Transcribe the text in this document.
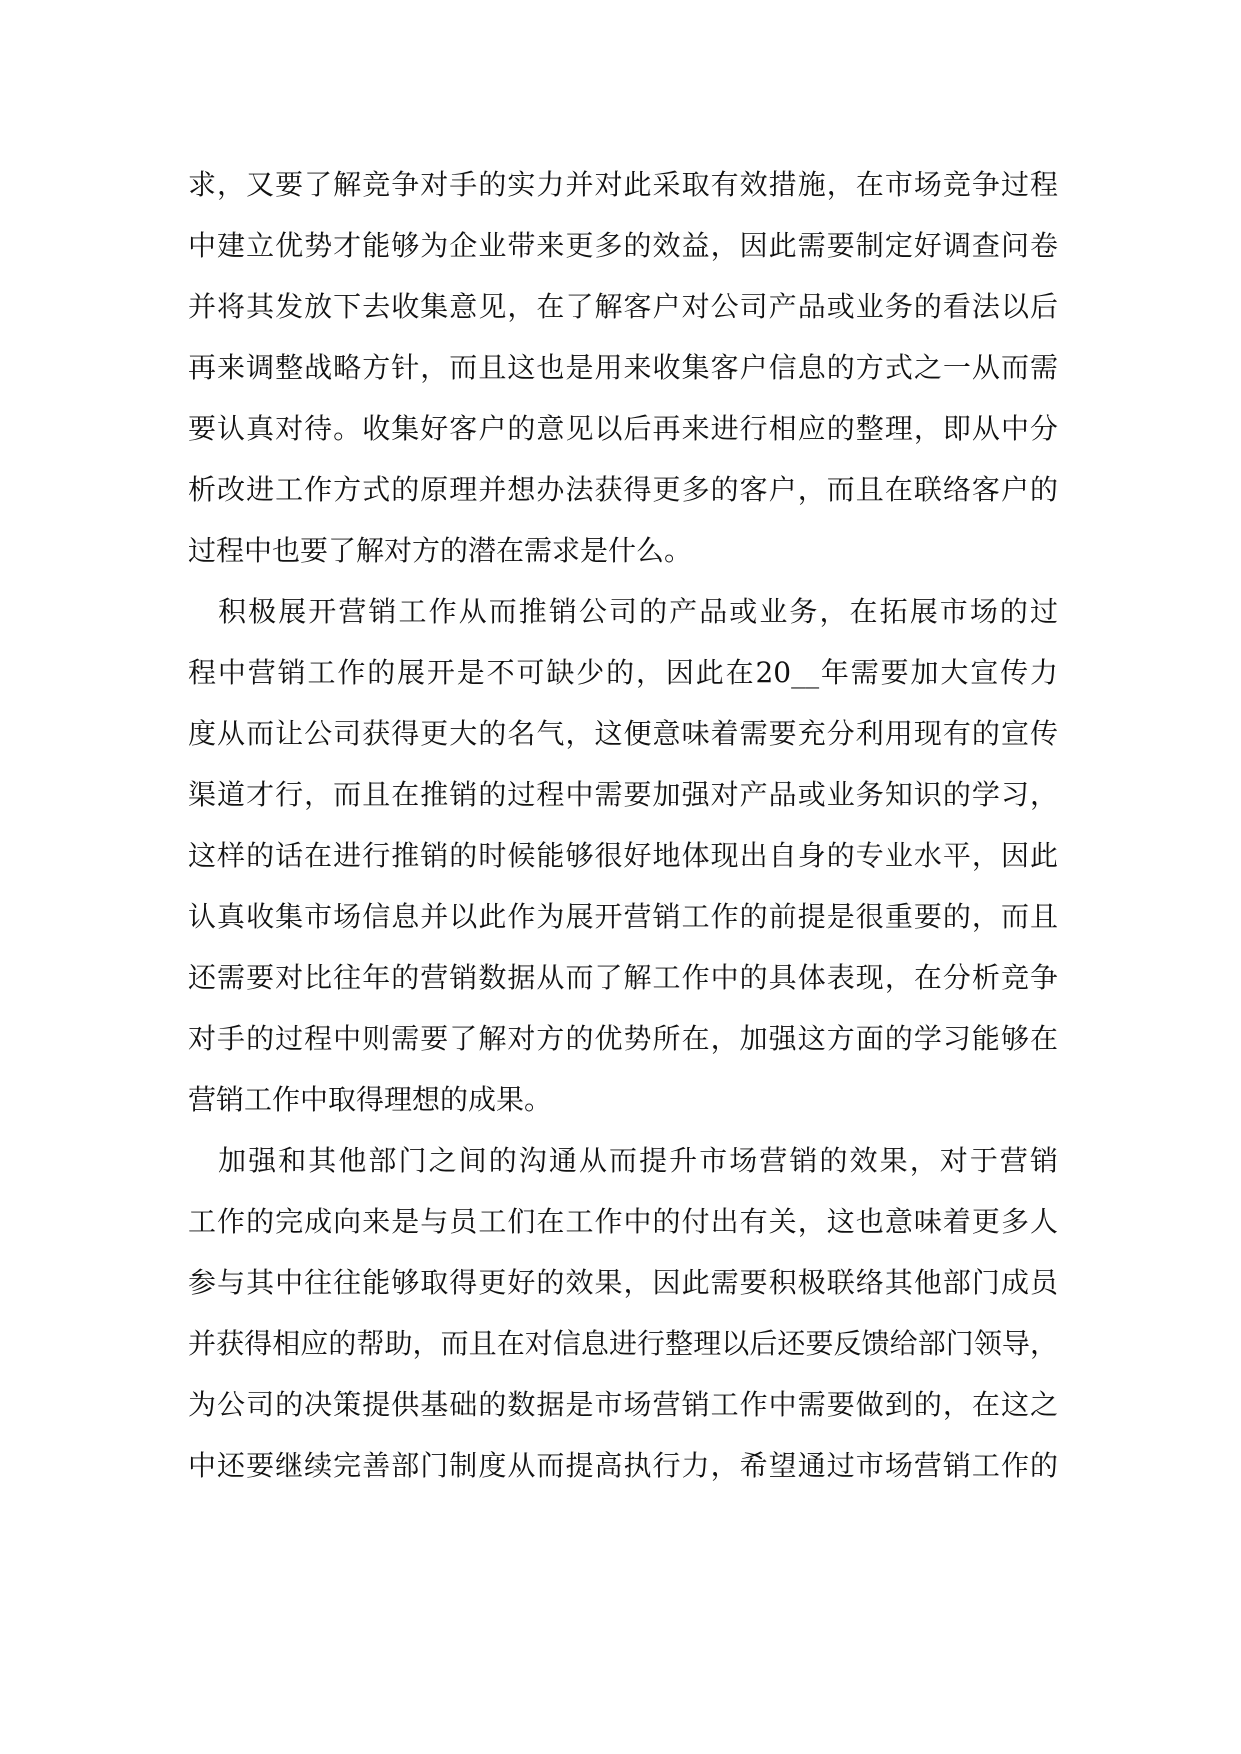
求，又要了解竞争对手的实力并对此采取有效措施，在市场竞争过程
中建立优势才能够为企业带来更多的效益，因此需要制定好调查问卷
并将其发放下去收集意见，在了解客户对公司产品或业务的看法以后
再来调整战略方针，而且这也是用来收集客户信息的方式之一从而需
要认真对待。收集好客户的意见以后再来进行相应的整理，即从中分
析改进工作方式的原理并想办法获得更多的客户，而且在联络客户的
过程中也要了解对方的潜在需求是什么。
　积极展开营销工作从而推销公司的产品或业务，在拓展市场的过
程中营销工作的展开是不可缺少的，因此在20__年需要加大宣传力
度从而让公司获得更大的名气，这便意味着需要充分利用现有的宣传
渠道才行，而且在推销的过程中需要加强对产品或业务知识的学习，
这样的话在进行推销的时候能够很好地体现出自身的专业水平，因此
认真收集市场信息并以此作为展开营销工作的前提是很重要的，而且
还需要对比往年的营销数据从而了解工作中的具体表现，在分析竞争
对手的过程中则需要了解对方的优势所在，加强这方面的学习能够在
营销工作中取得理想的成果。
　加强和其他部门之间的沟通从而提升市场营销的效果，对于营销
工作的完成向来是与员工们在工作中的付出有关，这也意味着更多人
参与其中往往能够取得更好的效果，因此需要积极联络其他部门成员
并获得相应的帮助，而且在对信息进行整理以后还要反馈给部门领导，
为公司的决策提供基础的数据是市场营销工作中需要做到的，在这之
中还要继续完善部门制度从而提高执行力，希望通过市场营销工作的
